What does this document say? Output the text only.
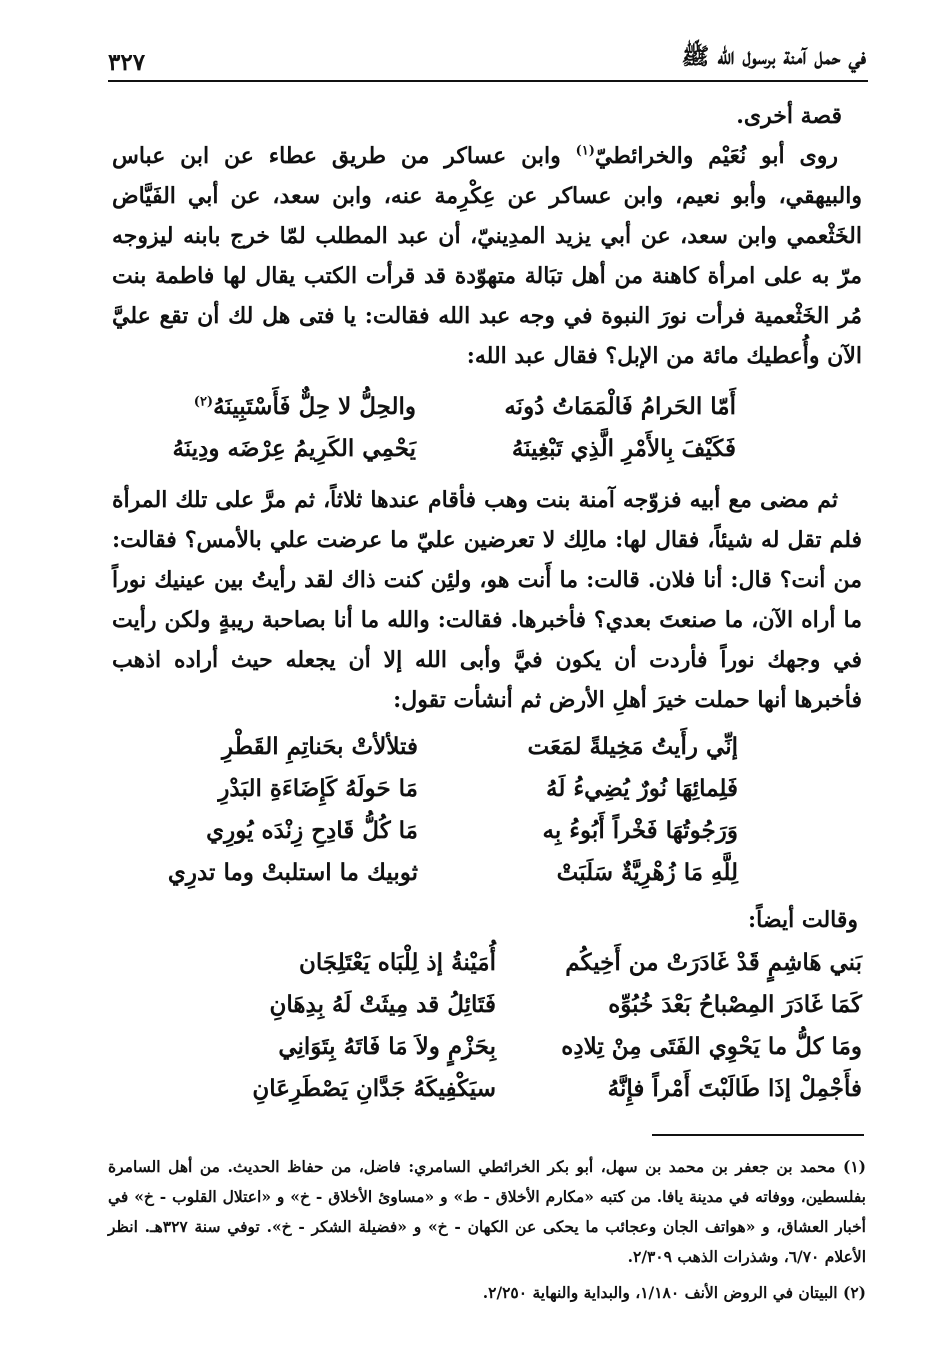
في حمل آمنة برسول الله ﷺ
٣٢٧

قصة أخرى.

روى أبو نُعَيْم والخرائطيّ$^{(١)}$ وابن عساكر من طريق عطاء عن ابن عباس والبيهقي، وأبو نعيم، وابن عساكر عن عِكْرِمة عنه، وابن سعد، عن أبي الفَيَّاض الخَثْعمي وابن سعد، عن أبي يزيد المدِينيّ، أن عبد المطلب لمّا خرج بابنه ليزوجه مرّ به على امرأة كاهنة من أهل تبَالة متهوّدة قد قرأت الكتب يقال لها فاطمة بنت مُر الخَثْعمية فرأت نورَ النبوة في وجه عبد الله فقالت: يا فتى هل لك أن تقع عليَّ الآن وأُعطيك مائة من الإبل؟ فقال عبد الله:

أَمّا الحَرامُ فَالْمَمَاتُ دُونَه
والحِلُّ لا حِلٌّ فَأَسْتَبِينَهُ$^{(٢)}$
فَكَيْفَ بِالأَمْرِ الَّذِي تَبْغِينَهُ
يَحْمِي الكَرِيمُ عِرْضَه ودِينَهُ

ثم مضى مع أبيه فزوّجه آمنة بنت وهب فأقام عندها ثلاثاً، ثم مرَّ على تلك المرأة فلم تقل له شيئاً، فقال لها: مالِك لا تعرضين عليّ ما عرضت علي بالأمس؟ فقالت: من أنت؟ قال: أنا فلان. قالت: ما أَنت هو، ولئِن كنت ذاك لقد رأيتُ بين عينيك نوراً ما أراه الآن، ما صنعتَ بعدي؟ فأخبرها. فقالت: والله ما أنا بصاحبة ريبةٍ ولكن رأيت في وجهك نوراً فأردت أن يكون فيَّ وأبى الله إلا أن يجعله حيث أراده اذهب فأخبرها أنها حملت خيرَ أهلِ الأرض ثم أنشأت تقول:

إنِّي رأَيتُ مَخِيلةً لمَعَت
فتلألأتْ بحَناتِمِ القَطْرِ
فَلِمائِهَا نُورٌ يُضِيءُ لَهُ
مَا حَولَهُ كَإِضَاءَةِ البَدْرِ
وَرَجُوتُهَا فَخْراً أَبُوءُ بِه
مَا كُلُّ قَادِحِ زِنْدَه يُورِي
لِلَّهِ مَا زُهْرِيَّةٌ سَلَبَتْ
ثوبيك ما استلبتْ وما تدرِي

وقالت أيضاً:

بَني هَاشِمٍ قَدْ غَادَرَتْ من أَخِيكُم
أُمَيْنةُ إذ لِلْبَاه يَعْتَلِجَان
كَمَا غَادَرَ المِصْباحُ بَعْدَ خُبُوِّه
فَتَائِلُ قد مِيثَتْ لَهُ بِدِهَانِ
ومَا كلُّ ما يَحْوِي الفَتَى مِنْ تِلادِه
بِحَزْمٍ ولاَ مَا فَاتَهُ بِتَوَانِي
فأَجْمِلْ إذَا طَالَبْتَ أَمْراً فإِنَّهُ
سيَكْفِيكَهُ جَدَّانِ يَصْطَرِعَانِ

(١) محمد بن جعفر بن محمد بن سهل، أبو بكر الخرائطي السامري: فاضل، من حفاظ الحديث. من أهل السامرة بفلسطين، ووفاته في مدينة يافا. من كتبه «مكارم الأخلاق - ط» و «مساوئ الأخلاق - خ» و «اعتلال القلوب - خ» في أخبار العشاق، و «هواتف الجان وعجائب ما يحكى عن الكهان - خ» و «فضيلة الشكر - خ». توفي سنة ٣٢٧هـ. انظر الأعلام ٦/٧٠، وشذرات الذهب ٢/٣٠٩.

(٢) البيتان في الروض الأنف ١/١٨٠، والبداية والنهاية ٢/٢٥٠.
